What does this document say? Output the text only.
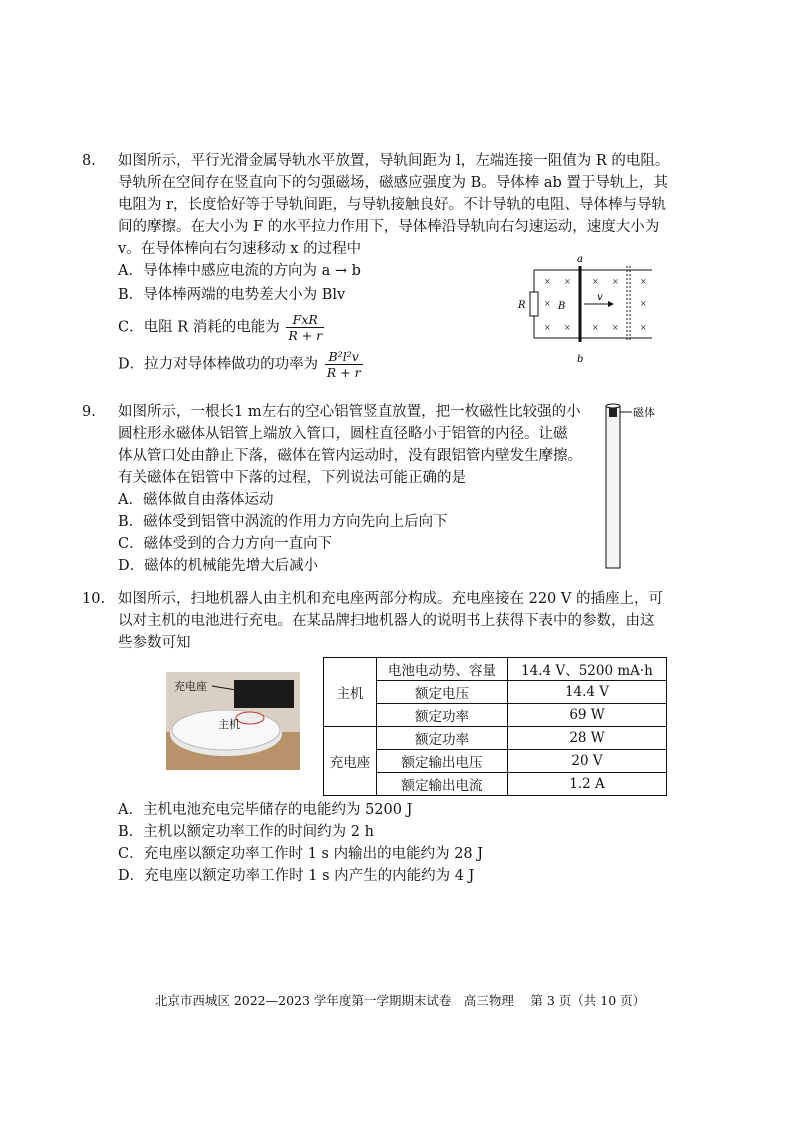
8. 如图所示，平行光滑金属导轨水平放置，导轨间距为 l，左端连接一阻值为 R 的电阻。
导轨所在空间存在竖直向下的匀强磁场，磁感应强度为 B。导体棒 ab 置于导轨上，其
电阻为 r，长度恰好等于导轨间距，与导轨接触良好。不计导轨的电阻、导体棒与导轨
间的摩擦。在大小为 F 的水平拉力作用下，导体棒沿导轨向右匀速运动，速度大小为
v。在导体棒向右匀速移动 x 的过程中
A．导体棒中感应电流的方向为 a → b
B．导体棒两端的电势差大小为 Blv
C．电阻 R 消耗的电能为 $\frac{\text{FxR}}{R + r}$
D．拉力对导体棒做功的功率为 $\frac{\text{B²l²v}}{R + r}$
R
a
b
v
B
× ×	× ×	×
×	×
× ×	× ×	×
9. 如图所示，一根长1 m左右的空心铝管竖直放置，把一枚磁性比较强的小
圆柱形永磁体从铝管上端放入管口，圆柱直径略小于铝管的内径。让磁
体从管口处由静止下落，磁体在管内运动时，没有跟铝管内壁发生摩擦。
有关磁体在铝管中下落的过程，下列说法可能正确的是
A．磁体做自由落体运动
B．磁体受到铝管中涡流的作用力方向先向上后向下
C．磁体受到的合力方向一直向下
D．磁体的机械能先增大后减小
磁体
10. 如图所示，扫地机器人由主机和充电座两部分构成。充电座接在 220 V 的插座上，可
以对主机的电池进行充电。在某品牌扫地机器人的说明书上获得下表中的参数，由这
些参数可知
充电座
主机
主机	电池电动势、容量	14.4 V、5200 mA·h
	额定电压	14.4 V
	额定功率	69 W
充电座	额定功率	28 W
	额定输出电压	20 V
	额定输出电流	1.2 A
A．主机电池充电完毕储存的电能约为 5200 J
B．主机以额定功率工作的时间约为 2 h
C．充电座以额定功率工作时 1 s 内输出的电能约为 28 J
D．充电座以额定功率工作时 1 s 内产生的内能约为 4 J
北京市西城区 2022—2023 学年度第一学期期末试卷　高三物理　 第 3 页（共 10 页）
